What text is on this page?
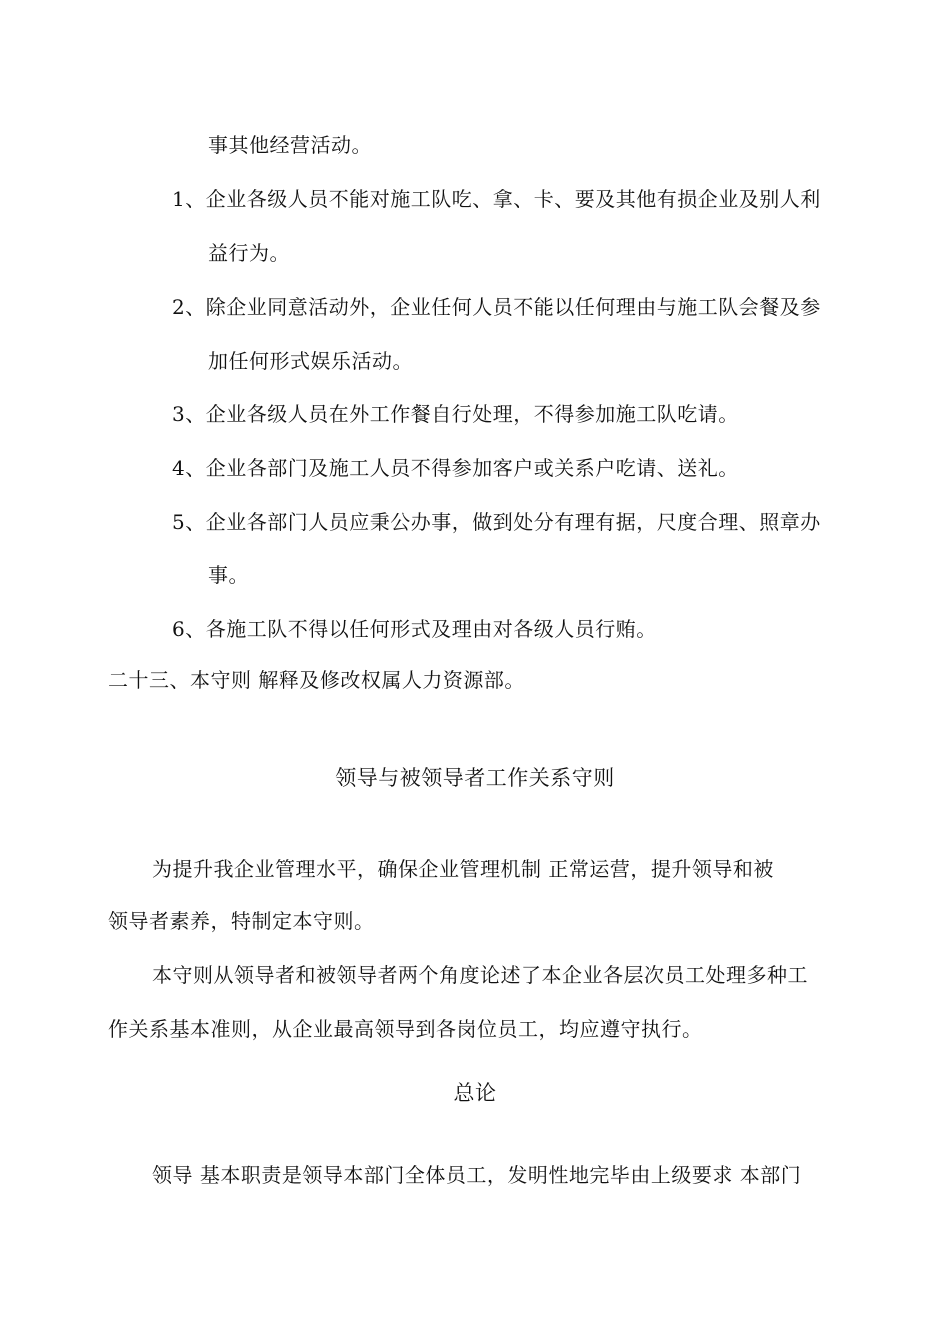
事其他经营活动。
1、企业各级人员不能对施工队吃、拿、卡、要及其他有损企业及别人利
益行为。
2、除企业同意活动外，企业任何人员不能以任何理由与施工队会餐及参
加任何形式娱乐活动。
3、企业各级人员在外工作餐自行处理，不得参加施工队吃请。
4、企业各部门及施工人员不得参加客户或关系户吃请、送礼。
5、企业各部门人员应秉公办事，做到处分有理有据，尺度合理、照章办
事。
6、各施工队不得以任何形式及理由对各级人员行贿。
二十三、本守则 解释及修改权属人力资源部。
领导与被领导者工作关系守则
为提升我企业管理水平，确保企业管理机制 正常运营，提升领导和被
领导者素养，特制定本守则。
本守则从领导者和被领导者两个角度论述了本企业各层次员工处理多种工
作关系基本准则，从企业最高领导到各岗位员工，均应遵守执行。
总论
领导 基本职责是领导本部门全体员工，发明性地完毕由上级要求 本部门
